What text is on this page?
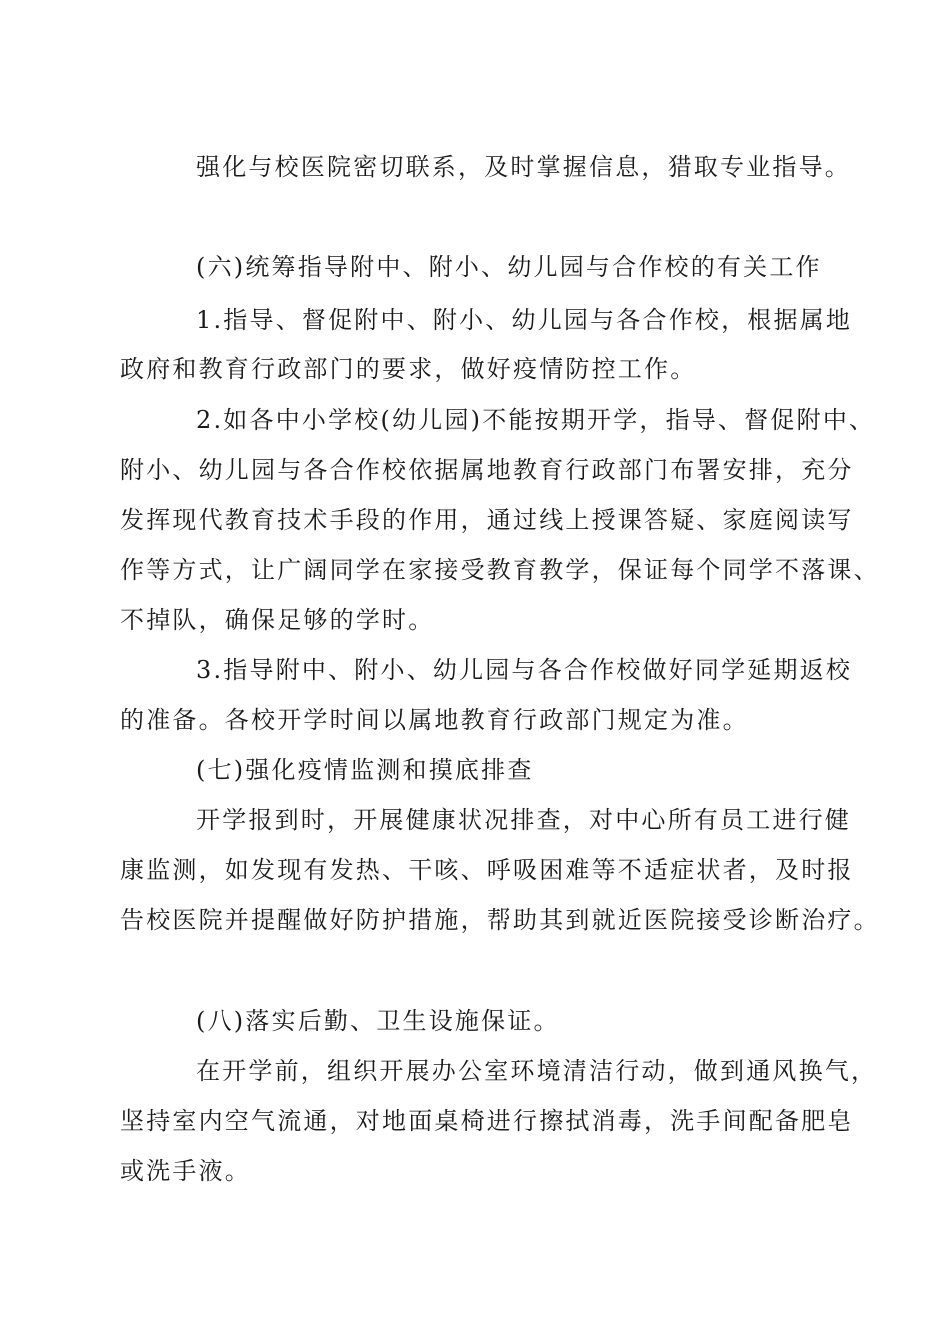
强化与校医院密切联系，及时掌握信息，猎取专业指导。
(六)统筹指导附中、附小、幼儿园与合作校的有关工作
1.指导、督促附中、附小、幼儿园与各合作校，根据属地
政府和教育行政部门的要求，做好疫情防控工作。
2.如各中小学校(幼儿园)不能按期开学，指导、督促附中、
附小、幼儿园与各合作校依据属地教育行政部门布署安排，充分
发挥现代教育技术手段的作用，通过线上授课答疑、家庭阅读写
作等方式，让广阔同学在家接受教育教学，保证每个同学不落课、
不掉队，确保足够的学时。
3.指导附中、附小、幼儿园与各合作校做好同学延期返校
的准备。各校开学时间以属地教育行政部门规定为准。
(七)强化疫情监测和摸底排查
开学报到时，开展健康状况排查，对中心所有员工进行健
康监测，如发现有发热、干咳、呼吸困难等不适症状者，及时报
告校医院并提醒做好防护措施，帮助其到就近医院接受诊断治疗。
(八)落实后勤、卫生设施保证。
在开学前，组织开展办公室环境清洁行动，做到通风换气，
坚持室内空气流通，对地面桌椅进行擦拭消毒，洗手间配备肥皂
或洗手液。
